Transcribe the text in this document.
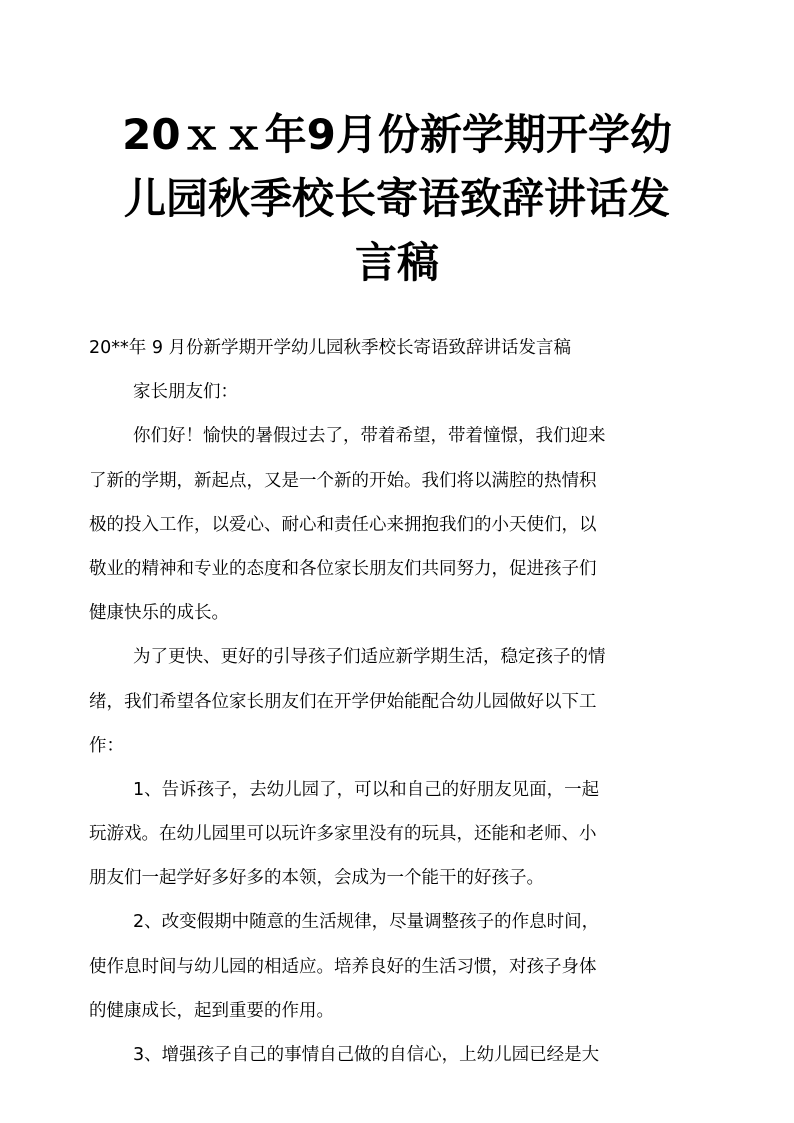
20ｘｘ年9月份新学期开学幼
儿园秋季校长寄语致辞讲话发
言稿
20**年 9 月份新学期开学幼儿园秋季校长寄语致辞讲话发言稿
家长朋友们：
你们好！愉快的暑假过去了，带着希望，带着憧憬，我们迎来
了新的学期，新起点，又是一个新的开始。我们将以满腔的热情积
极的投入工作，以爱心、耐心和责任心来拥抱我们的小天使们，以
敬业的精神和专业的态度和各位家长朋友们共同努力，促进孩子们
健康快乐的成长。
为了更快、更好的引导孩子们适应新学期生活，稳定孩子的情
绪，我们希望各位家长朋友们在开学伊始能配合幼儿园做好以下工
作：
1、告诉孩子，去幼儿园了，可以和自己的好朋友见面，一起
玩游戏。在幼儿园里可以玩许多家里没有的玩具，还能和老师、小
朋友们一起学好多好多的本领，会成为一个能干的好孩子。
2、改变假期中随意的生活规律，尽量调整孩子的作息时间，
使作息时间与幼儿园的相适应。培养良好的生活习惯，对孩子身体
的健康成长，起到重要的作用。
3、增强孩子自己的事情自己做的自信心，上幼儿园已经是大
